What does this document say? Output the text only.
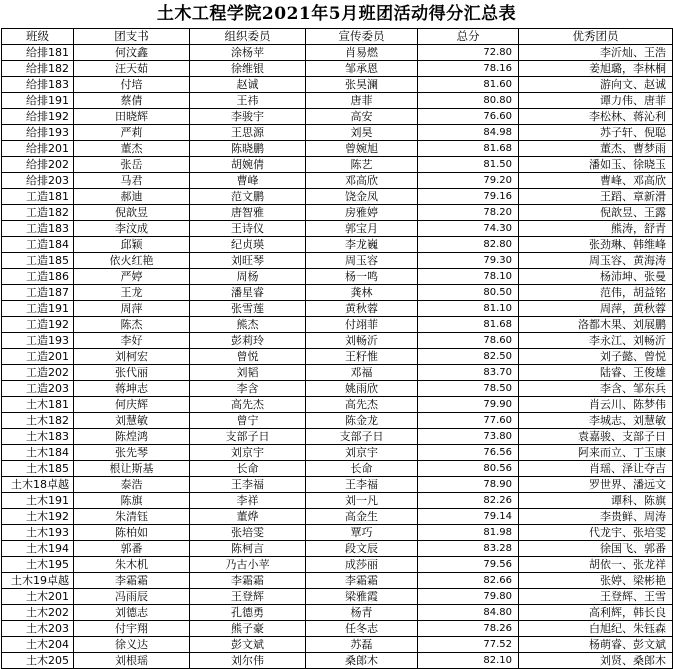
土木工程学院2021年5月班团活动得分汇总表
班级	团支书	组织委员	宣传委员	总分	优秀团员
给排181	何汶鑫	涂杨苹	肖易燃	72.80	李沂灿、王浩
给排182	汪天茹	徐维银	邹承恩	78.16	姜旭璐，李林桐
给排183	付培	赵诚	张昊澜	81.60	游向文、赵诚
给排191	蔡倩	王祎	唐菲	80.80	谭力伟、唐菲
给排192	田晓辉	李骏宇	高安	76.60	李松林、蒋沁利
给排193	严莉	王思源	刘昊	84.98	苏子轩、倪聪
给排201	董杰	陈晓鹏	曾婉旭	81.68	董杰、曹梦雨
给排202	张岳	胡婉倩	陈艺	81.50	潘如玉、徐晓玉
给排203	马君	曹峰	邓高欣	79.20	曹峰、邓高欣
工造181	郝迪	范文鹏	饶金凤	79.16	王蹈、章新滑
工造182	倪歆昱	唐智雅	房雅婷	78.20	倪歆昱、王露
工造183	李汶成	王诗仪	郭宝月	74.30	熊涛，舒青
工造184	邱颖	纪贞瑛	李龙巍	82.80	张劲琳、韩维峰
工造185	依火红艳	刘旺琴	周玉容	79.30	周玉容、黄海涛
工造186	严婷	周杨	杨一鸣	78.10	杨沛坤、张曼
工造187	王龙	潘星睿	龚林	80.50	范伟，胡益铭
工造191	周萍	张雪莲	黄秋蓉	81.10	周萍，黄秋蓉
工造192	陈杰	熊杰	付翊菲	81.68	洛都木果、刘展鹏
工造193	李好	彭莉玲	刘畅沂	78.60	李永江、刘畅沂
工造201	刘柯宏	曾悦	王籽惟	82.50	刘子懿、曾悦
工造202	张代丽	刘韬	邓福	83.70	陆睿、王俊雄
工造203	蒋坤志	李含	姚雨欣	78.50	李含、邹东兵
土木181	何庆辉	高先杰	高先杰	79.90	肖云川、陈梦伟
土木182	刘慧敏	曾宁	陈金龙	77.60	李城志、刘慧敏
土木183	陈煌鸿	支部子日	支部子日	73.80	袁嘉骏、支部子日
土木184	张先琴	刘京宇	刘京宇	76.56	阿来而立、丁玉康
土木185	根让斯基	长命	长命	80.56	肖瑶、泽让夺吉
土木18卓越	泰浩	王李福	王李福	78.90	罗世界、潘远文
土木191	陈旗	李祥	刘一凡	82.26	谭科、陈旗
土木192	朱清钰	董烨	高金生	79.14	李贵鲜、周涛
土木193	陈柏如	张培雯	覃巧	81.98	代龙宇、张培雯
土木194	郭番	陈柯言	段文辰	83.28	徐国飞、郭番
土木195	朱木机	乃古小苹	成莎丽	79.56	胡依一、张龙祥
土木19卓越	李霜霜	李霜霜	李霜霜	82.66	张婷、梁彬艳
土木201	冯雨辰	王登辉	梁雅霞	79.80	王登辉、王雪
土木202	刘德志	孔德勇	杨青	84.80	高利辉，韩长良
土木203	付宇翔	熊子豪	任冬志	78.26	白旭纪、朱钰森
土木204	徐义达	彭文斌	苏磊	77.52	杨萌睿、彭文斌
土木205	刘根瑶	刘尔伟	桑郎木	82.10	刘贤、桑郎木
